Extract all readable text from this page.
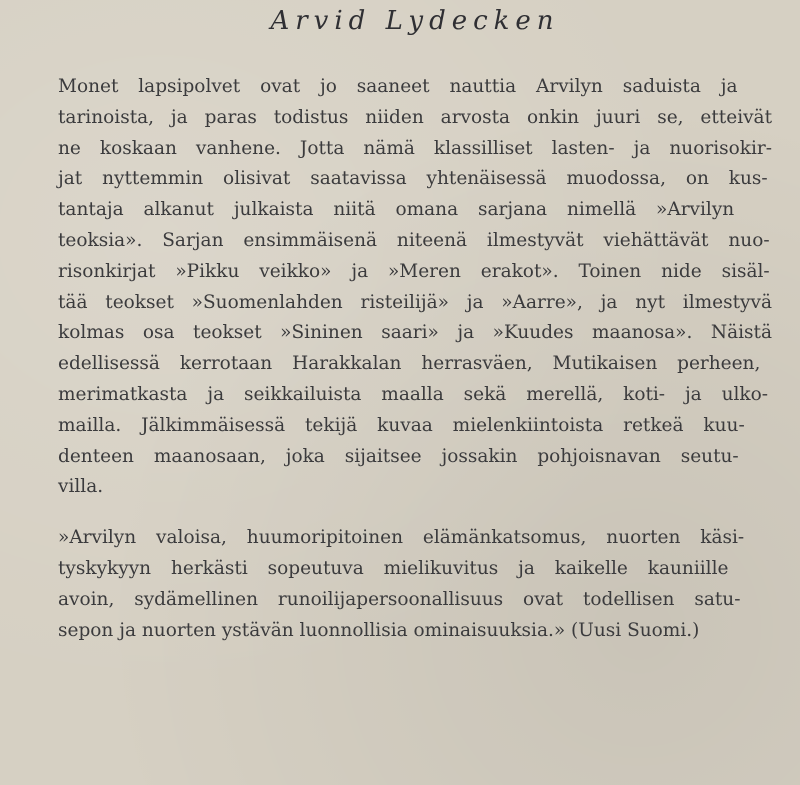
Arvid Lydecken
Monet lapsipolvet ovat jo saaneet nauttia Arvilyn saduista ja
tarinoista, ja paras todistus niiden arvosta onkin juuri se, etteivät
ne koskaan vanhene. Jotta nämä klassilliset lasten- ja nuorisokir-
jat nyttemmin olisivat saatavissa yhtenäisessä muodossa, on kus-
tantaja alkanut julkaista niitä omana sarjana nimellä »Arvilyn
teoksia». Sarjan ensimmäisenä niteenä ilmestyvät viehättävät nuo-
risonkirjat »Pikku veikko» ja »Meren erakot». Toinen nide sisäl-
tää teokset »Suomenlahden risteilijä» ja »Aarre», ja nyt ilmestyvä
kolmas osa teokset »Sininen saari» ja »Kuudes maanosa». Näistä
edellisessä kerrotaan Harakkalan herrasväen, Mutikaisen perheen,
merimatkasta ja seikkailuista maalla sekä merellä, koti- ja ulko-
mailla. Jälkimmäisessä tekijä kuvaa mielenkiintoista retkeä kuu-
denteen maanosaan, joka sijaitsee jossakin pohjoisnavan seutu-
villa.
»Arvilyn valoisa, huumoripitoinen elämänkatsomus, nuorten käsi-
tyskykyyn herkästi sopeutuva mielikuvitus ja kaikelle kauniille
avoin, sydämellinen runoilijapersoonallisuus ovat todellisen satu-
sepon ja nuorten ystävän luonnollisia ominaisuuksia.» (Uusi Suomi.)
